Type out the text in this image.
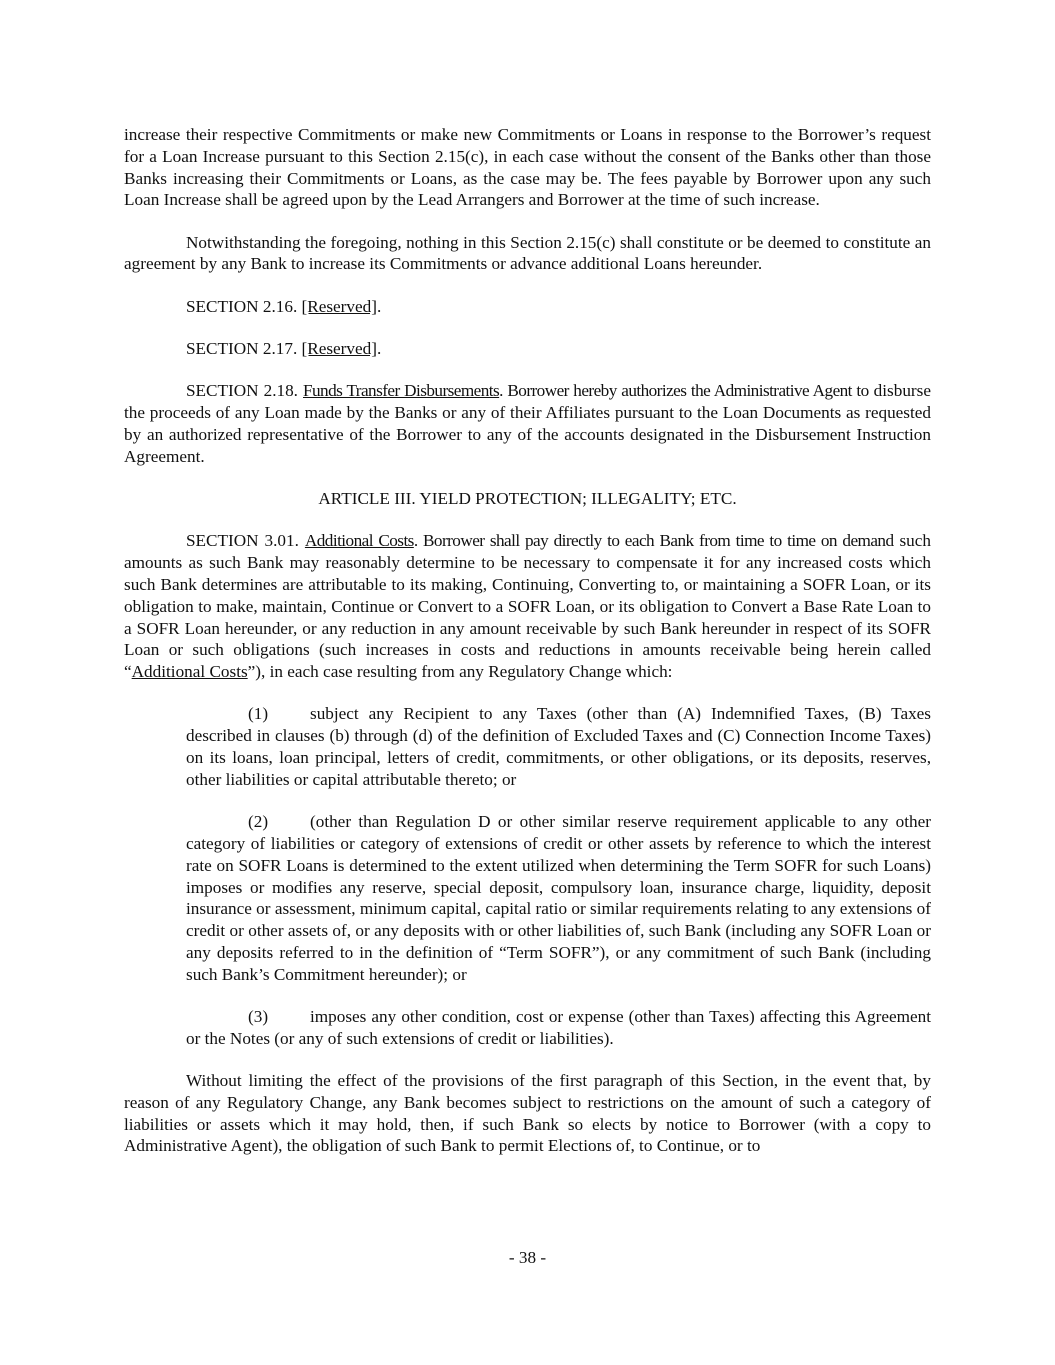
increase their respective Commitments or make new Commitments or Loans in response to the Borrower’s request for a Loan Increase pursuant to this Section 2.15(c), in each case without the consent of the Banks other than those Banks increasing their Commitments or Loans, as the case may be. The fees payable by Borrower upon any such Loan Increase shall be agreed upon by the Lead Arrangers and Borrower at the time of such increase.

Notwithstanding the foregoing, nothing in this Section 2.15(c) shall constitute or be deemed to constitute an agreement by any Bank to increase its Commitments or advance additional Loans hereunder.

SECTION 2.16. [Reserved].

SECTION 2.17. [Reserved].

SECTION 2.18. Funds Transfer Disbursements. Borrower hereby authorizes the Administrative Agent to disburse the proceeds of any Loan made by the Banks or any of their Affiliates pursuant to the Loan Documents as requested by an authorized representative of the Borrower to any of the accounts designated in the Disbursement Instruction Agreement.

ARTICLE III. YIELD PROTECTION; ILLEGALITY; ETC.

SECTION 3.01. Additional Costs. Borrower shall pay directly to each Bank from time to time on demand such amounts as such Bank may reasonably determine to be necessary to compensate it for any increased costs which such Bank determines are attributable to its making, Continuing, Converting to, or maintaining a SOFR Loan, or its obligation to make, maintain, Continue or Convert to a SOFR Loan, or its obligation to Convert a Base Rate Loan to a SOFR Loan hereunder, or any reduction in any amount receivable by such Bank hereunder in respect of its SOFR Loan or such obligations (such increases in costs and reductions in amounts receivable being herein called “Additional Costs”), in each case resulting from any Regulatory Change which:

(1) subject any Recipient to any Taxes (other than (A) Indemnified Taxes, (B) Taxes described in clauses (b) through (d) of the definition of Excluded Taxes and (C) Connection Income Taxes) on its loans, loan principal, letters of credit, commitments, or other obligations, or its deposits, reserves, other liabilities or capital attributable thereto; or

(2) (other than Regulation D or other similar reserve requirement applicable to any other category of liabilities or category of extensions of credit or other assets by reference to which the interest rate on SOFR Loans is determined to the extent utilized when determining the Term SOFR for such Loans) imposes or modifies any reserve, special deposit, compulsory loan, insurance charge, liquidity, deposit insurance or assessment, minimum capital, capital ratio or similar requirements relating to any extensions of credit or other assets of, or any deposits with or other liabilities of, such Bank (including any SOFR Loan or any deposits referred to in the definition of “Term SOFR”), or any commitment of such Bank (including such Bank’s Commitment hereunder); or

(3) imposes any other condition, cost or expense (other than Taxes) affecting this Agreement or the Notes (or any of such extensions of credit or liabilities).

Without limiting the effect of the provisions of the first paragraph of this Section, in the event that, by reason of any Regulatory Change, any Bank becomes subject to restrictions on the amount of such a category of liabilities or assets which it may hold, then, if such Bank so elects by notice to Borrower (with a copy to Administrative Agent), the obligation of such Bank to permit Elections of, to Continue, or to

- 38 -
